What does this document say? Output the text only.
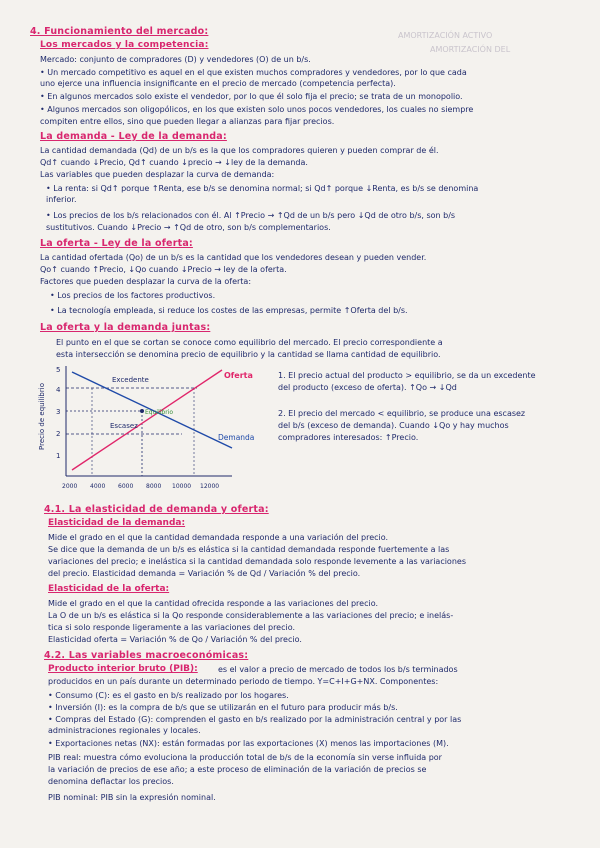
AMORTIZACIÓN ACTIVO
AMORTIZACIÓN DEL
4. Funcionamiento del mercado:
Los mercados y la competencia:
Mercado: conjunto de compradores (D) y vendedores (O) de un b/s.
• Un mercado competitivo es aquel en el que existen muchos compradores y vendedores, por lo que cada
uno ejerce una influencia insignificante en el precio de mercado (competencia perfecta).
• En algunos mercados solo existe el vendedor, por lo que él solo fija el precio; se trata de un monopolio.
• Algunos mercados son oligopólicos, en los que existen solo unos pocos vendedores, los cuales no siempre
compiten entre ellos, sino que pueden llegar a alianzas para fijar precios.
La demanda - Ley de la demanda:
La cantidad demandada (Qd) de un b/s es la que los compradores quieren y pueden comprar de él.
Qd↑ cuando ↓Precio, Qd↑ cuando ↓precio → ↓ley de la demanda.
Las variables que pueden desplazar la curva de demanda:
• La renta: si Qd↑ porque ↑Renta, ese b/s se denomina normal; si Qd↑ porque ↓Renta, es b/s se denomina
inferior.
• Los precios de los b/s relacionados con él. Al ↑Precio → ↑Qd de un b/s pero ↓Qd de otro b/s, son b/s
sustitutivos. Cuando ↓Precio → ↑Qd de otro, son b/s complementarios.
La oferta - Ley de la oferta:
La cantidad ofertada (Qo) de un b/s es la cantidad que los vendedores desean y pueden vender.
Qo↑ cuando ↑Precio, ↓Qo cuando ↓Precio → ley de la oferta.
Factores que pueden desplazar la curva de la oferta:
• Los precios de los factores productivos.
• La tecnología empleada, si reduce los costes de las empresas, permite ↑Oferta del b/s.
La oferta y la demanda juntas:
El punto en el que se cortan se conoce como equilibrio del mercado. El precio correspondiente a
esta intersección se denomina precio de equilibrio y la cantidad se llama cantidad de equilibrio.
Precio de equilibrio
5
4
3
2
1
2000 4000 6000 8000 10000 12000
Oferta
Demanda
Excedente
Escasez
Equilibrio
1. El precio actual del producto > equilibrio, se da un excedente
del producto (exceso de oferta). ↑Qo → ↓Qd
2. El precio del mercado < equilibrio, se produce una escasez
del b/s (exceso de demanda). Cuando ↓Qo y hay muchos
compradores interesados: ↑Precio.
4.1. La elasticidad de demanda y oferta:
Elasticidad de la demanda:
Mide el grado en el que la cantidad demandada responde a una variación del precio.
Se dice que la demanda de un b/s es elástica si la cantidad demandada responde fuertemente a las
variaciones del precio; e inelástica si la cantidad demandada solo responde levemente a las variaciones
del precio. Elasticidad demanda = Variación % de Qd / Variación % del precio.
Elasticidad de la oferta:
Mide el grado en el que la cantidad ofrecida responde a las variaciones del precio.
La O de un b/s es elástica si la Qo responde considerablemente a las variaciones del precio; e inelás-
tica si solo responde ligeramente a las variaciones del precio.
Elasticidad oferta = Variación % de Qo / Variación % del precio.
4.2. Las variables macroeconómicas:
Producto interior bruto (PIB):	es el valor a precio de mercado de todos los b/s terminados
producidos en un país durante un determinado periodo de tiempo. Y=C+I+G+NX. Componentes:
• Consumo (C): es el gasto en b/s realizado por los hogares.
• Inversión (I): es la compra de b/s que se utilizarán en el futuro para producir más b/s.
• Compras del Estado (G): comprenden el gasto en b/s realizado por la administración central y por las
administraciones regionales y locales.
• Exportaciones netas (NX): están formadas por las exportaciones (X) menos las importaciones (M).
PIB real: muestra cómo evoluciona la producción total de b/s de la economía sin verse influida por
la variación de precios de ese año; a este proceso de eliminación de la variación de precios se
denomina deflactar los precios.
PIB nominal: PIB sin la expresión nominal.
